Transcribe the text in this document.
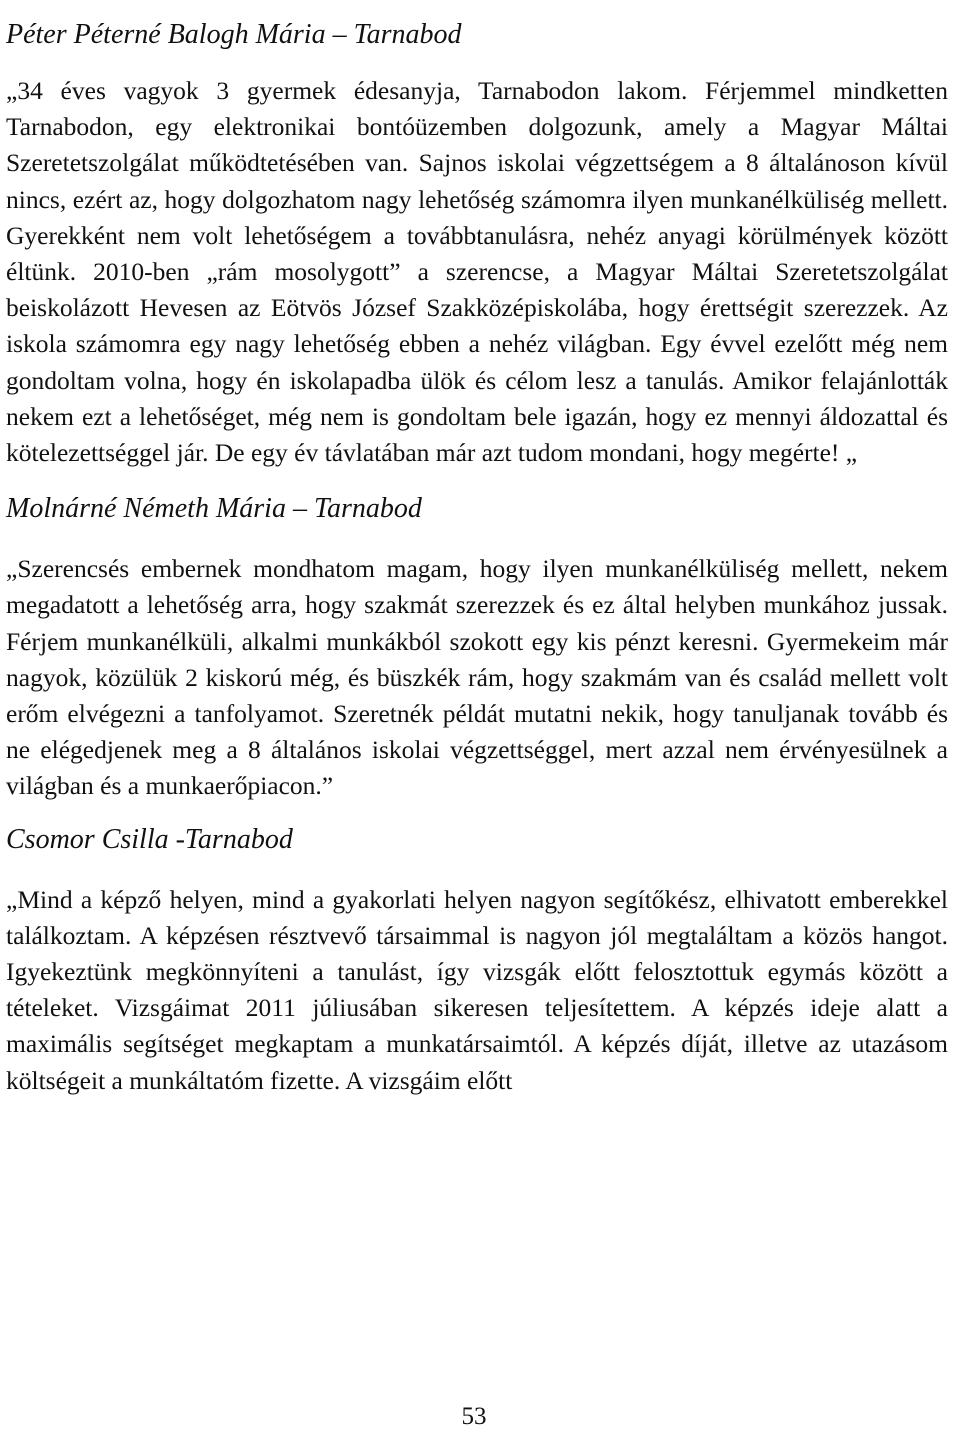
Péter Péterné Balogh Mária – Tarnabod

„34 éves vagyok 3 gyermek édesanyja, Tarnabodon lakom. Férjemmel mindketten Tarnabodon, egy elektronikai bontóüzemben dolgozunk, amely a Magyar Máltai Szeretetszolgálat működtetésében van. Sajnos iskolai végzettségem a 8 általánoson kívül nincs, ezért az, hogy dolgozhatom nagy lehetőség számomra ilyen munkanélküliség mellett. Gyerekként nem volt lehetőségem a továbbtanulásra, nehéz anyagi körülmények között éltünk. 2010-ben „rám mosolygott” a szerencse, a Magyar Máltai Szeretetszolgálat beiskolázott Hevesen az Eötvös József Szakközépiskolába, hogy érettségit szerezzek. Az iskola számomra egy nagy lehetőség ebben a nehéz világban. Egy évvel ezelőtt még nem gondoltam volna, hogy én iskolapadba ülök és célom lesz a tanulás. Amikor felajánlották nekem ezt a lehetőséget, még nem is gondoltam bele igazán, hogy ez mennyi áldozattal és kötelezettséggel jár. De egy év távlatában már azt tudom mondani, hogy megérte! „

Molnárné Németh Mária – Tarnabod

„Szerencsés embernek mondhatom magam, hogy ilyen munkanélküliség mellett, nekem megadatott a lehetőség arra, hogy szakmát szerezzek és ez által helyben munkához jussak. Férjem munkanélküli, alkalmi munkákból szokott egy kis pénzt keresni. Gyermekeim már nagyok, közülük 2 kiskorú még, és büszkék rám, hogy szakmám van és család mellett volt erőm elvégezni a tanfolyamot. Szeretnék példát mutatni nekik, hogy tanuljanak tovább és ne elégedjenek meg a 8 általános iskolai végzettséggel, mert azzal nem érvényesülnek a világban és a munkaerőpiacon.”

Csomor Csilla -Tarnabod

„Mind a képző helyen, mind a gyakorlati helyen nagyon segítőkész, elhivatott emberekkel találkoztam. A képzésen résztvevő társaimmal is nagyon jól megtaláltam a közös hangot. Igyekeztünk megkönnyíteni a tanulást, így vizsgák előtt felosztottuk egymás között a tételeket. Vizsgáimat 2011 júliusában sikeresen teljesítettem. A képzés ideje alatt a maximális segítséget megkaptam a munkatársaimtól. A képzés díját, illetve az utazásom költségeit a munkáltatóm fizette. A vizsgáim előtt

53
